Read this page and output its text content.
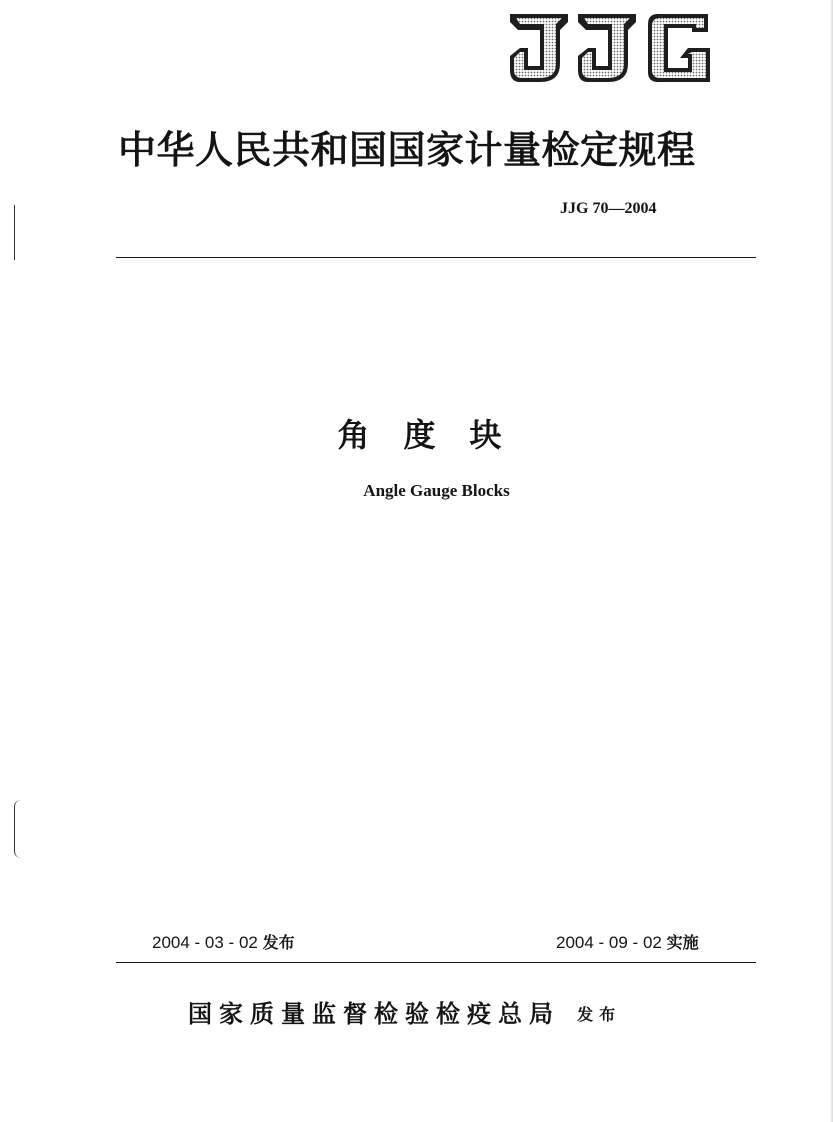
中华人民共和国国家计量检定规程
JJG 70—2004
角度块
Angle Gauge Blocks
2004 - 03 - 02 发布	2004 - 09 - 02 实施
国家质量监督检验检疫总局 发布
